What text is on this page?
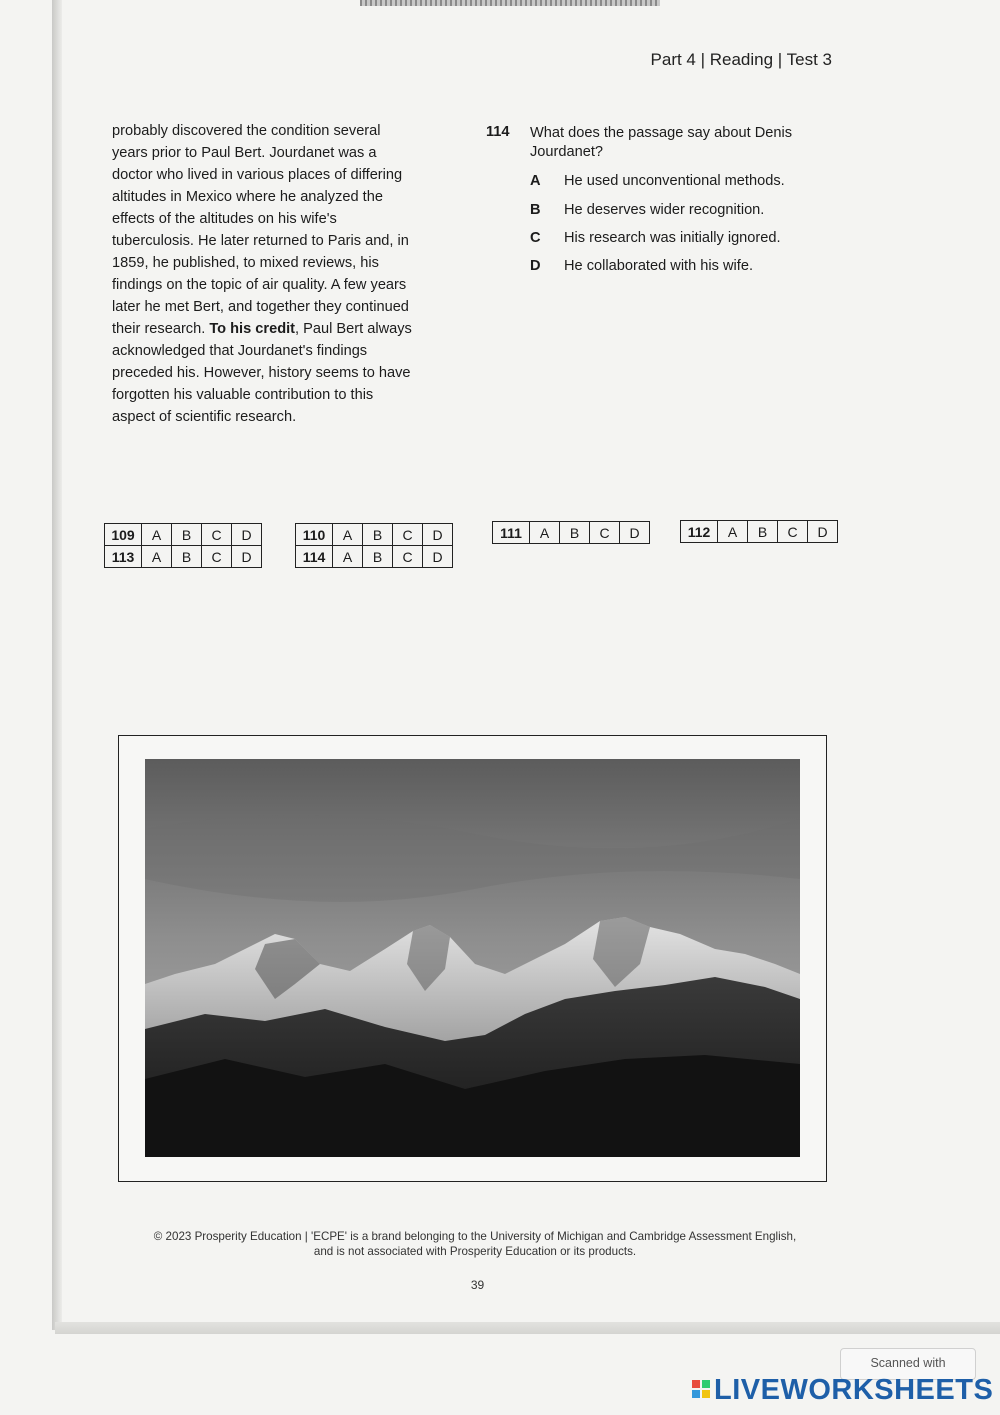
Part 4 | Reading | Test 3
probably discovered the condition several
years prior to Paul Bert. Jourdanet was a
doctor who lived in various places of differing
altitudes in Mexico where he analyzed the
effects of the altitudes on his wife's
tuberculosis. He later returned to Paris and, in
1859, he published, to mixed reviews, his
findings on the topic of air quality. A few years
later he met Bert, and together they continued
their research. To his credit, Paul Bert always
acknowledged that Jourdanet's findings
preceded his. However, history seems to have
forgotten his valuable contribution to this
aspect of scientific research.
114 What does the passage say about Denis Jourdanet?
A He used unconventional methods.
B He deserves wider recognition.
C His research was initially ignored.
D He collaborated with his wife.
109	A	B	C	D
113	A	B	C	D
110	A	B	C	D
114	A	B	C	D
111	A	B	C	D	112	A	B	C	D
© 2023 Prosperity Education | 'ECPE' is a brand belonging to the University of Michigan and Cambridge Assessment English,
and is not associated with Prosperity Education or its products.
39
Scanned with
LIVEWORKSHEETS
